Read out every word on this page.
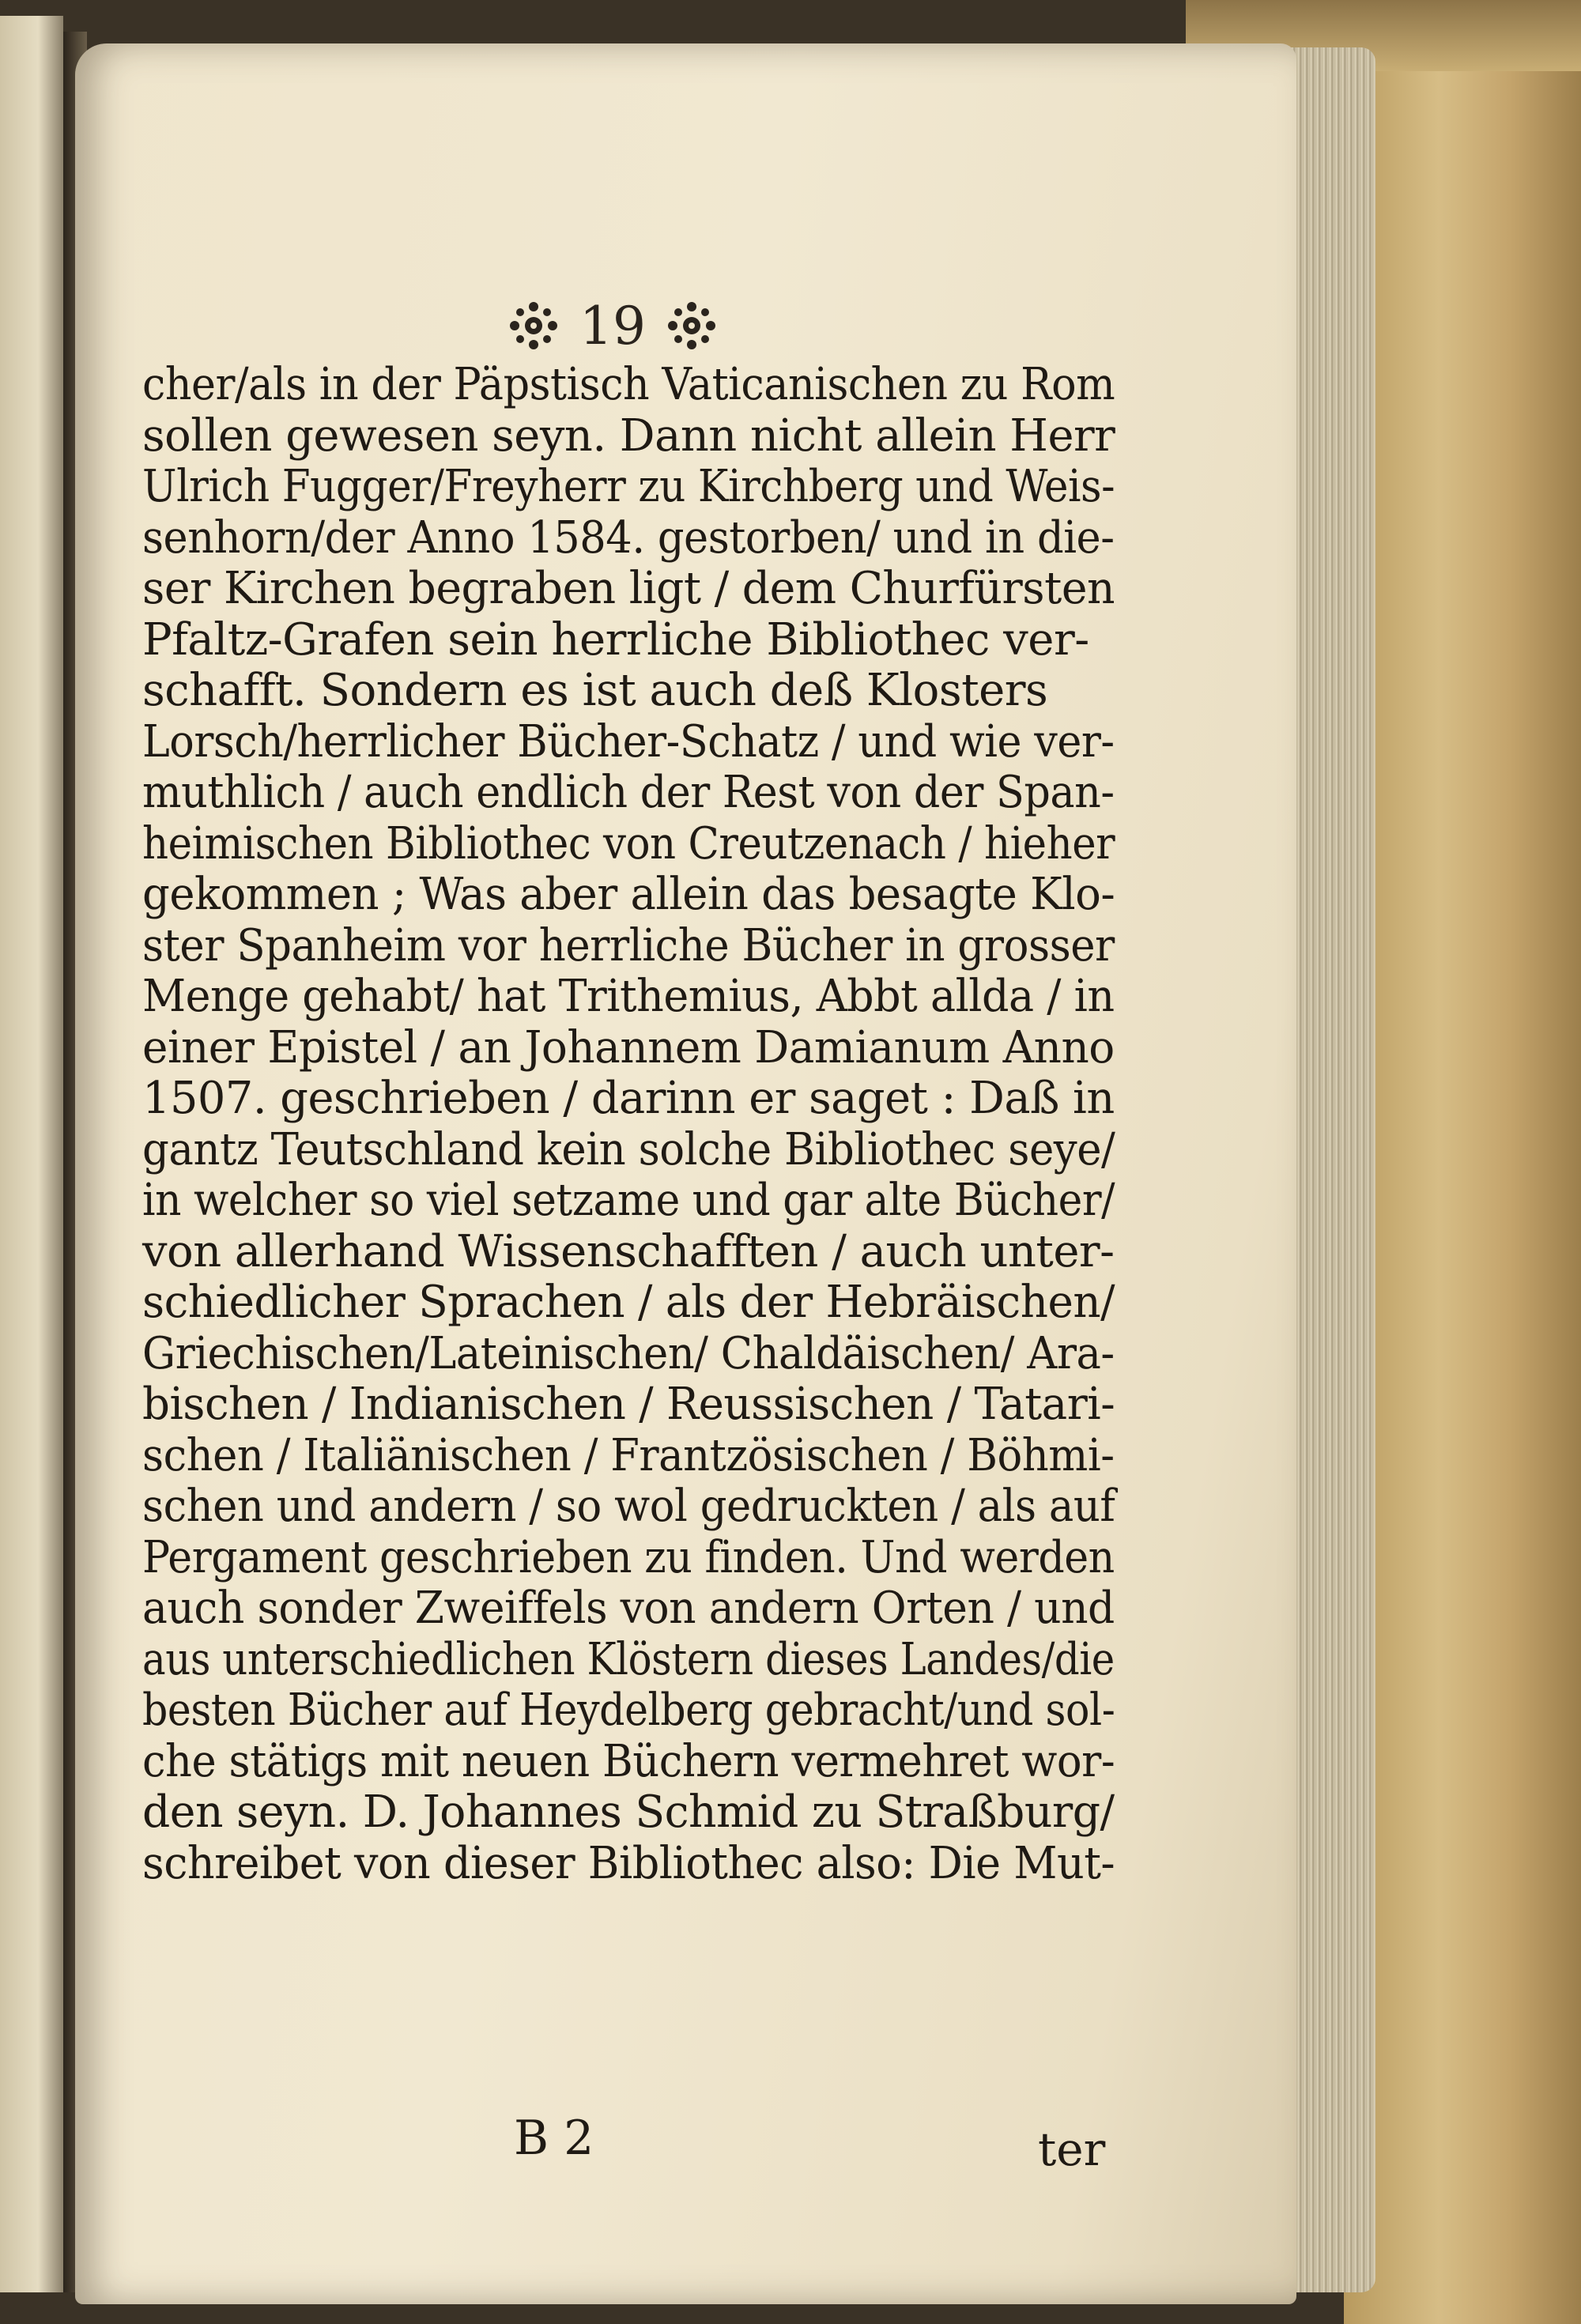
19
cher/als in der Päpstisch Vaticanischen zu Rom
sollen gewesen seyn. Dann nicht allein Herr
Ulrich Fugger/Freyherr zu Kirchberg und Weis-
senhorn/der Anno 1584. gestorben/ und in die-
ser Kirchen begraben ligt / dem Churfürsten
Pfaltz-Grafen sein herrliche Bibliothec ver-
schafft. Sondern es ist auch deß Klosters
Lorsch/herrlicher Bücher-Schatz / und wie ver-
muthlich / auch endlich der Rest von der Span-
heimischen Bibliothec von Creutzenach / hieher
gekommen ; Was aber allein das besagte Klo-
ster Spanheim vor herrliche Bücher in grosser
Menge gehabt/ hat Trithemius, Abbt allda / in
einer Epistel / an Johannem Damianum Anno
1507. geschrieben / darinn er saget : Daß in
gantz Teutschland kein solche Bibliothec seye/
in welcher so viel setzame und gar alte Bücher/
von allerhand Wissenschafften / auch unter-
schiedlicher Sprachen / als der Hebräischen/
Griechischen/Lateinischen/ Chaldäischen/ Ara-
bischen / Indianischen / Reussischen / Tatari-
schen / Italiänischen / Frantzösischen / Böhmi-
schen und andern / so wol gedruckten / als auf
Pergament geschrieben zu finden. Und werden
auch sonder Zweiffels von andern Orten / und
aus unterschiedlichen Klöstern dieses Landes/die
besten Bücher auf Heydelberg gebracht/und sol-
che stätigs mit neuen Büchern vermehret wor-
den seyn. D. Johannes Schmid zu Straßburg/
schreibet von dieser Bibliothec also: Die Mut-
B 2	ter
